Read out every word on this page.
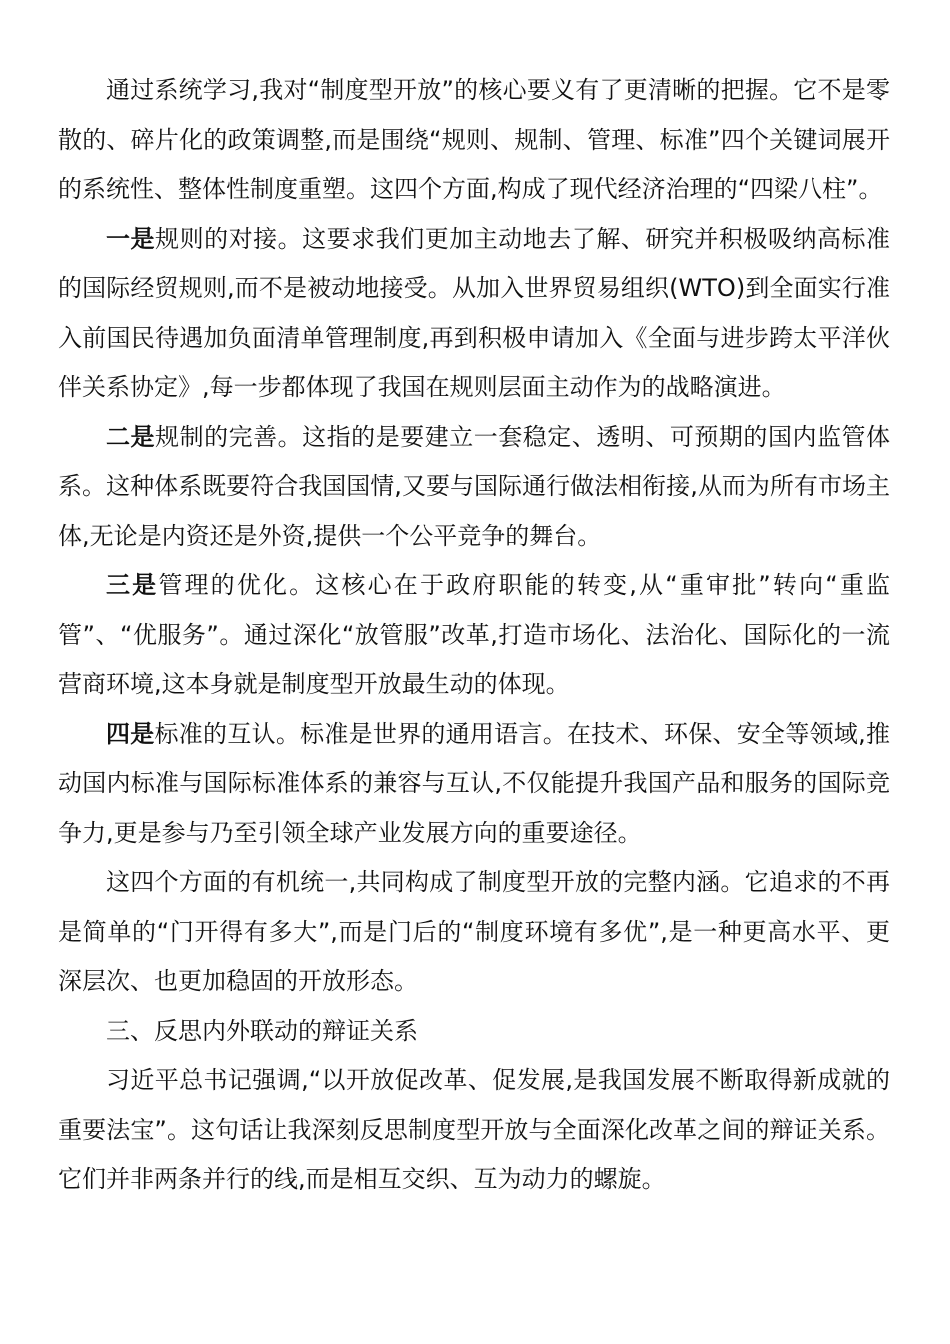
通过系统学习,我对“制度型开放”的核心要义有了更清晰的把握。它不是零散的、碎片化的政策调整,而是围绕“规则、规制、管理、标准”四个关键词展开的系统性、整体性制度重塑。这四个方面,构成了现代经济治理的“四梁八柱”。

一是规则的对接。这要求我们更加主动地去了解、研究并积极吸纳高标准的国际经贸规则,而不是被动地接受。从加入世界贸易组织(WTO)到全面实行准入前国民待遇加负面清单管理制度,再到积极申请加入《全面与进步跨太平洋伙伴关系协定》,每一步都体现了我国在规则层面主动作为的战略演进。

二是规制的完善。这指的是要建立一套稳定、透明、可预期的国内监管体系。这种体系既要符合我国国情,又要与国际通行做法相衔接,从而为所有市场主体,无论是内资还是外资,提供一个公平竞争的舞台。

三是管理的优化。这核心在于政府职能的转变,从“重审批”转向“重监管”、“优服务”。通过深化“放管服”改革,打造市场化、法治化、国际化的一流营商环境,这本身就是制度型开放最生动的体现。

四是标准的互认。标准是世界的通用语言。在技术、环保、安全等领域,推动国内标准与国际标准体系的兼容与互认,不仅能提升我国产品和服务的国际竞争力,更是参与乃至引领全球产业发展方向的重要途径。

这四个方面的有机统一,共同构成了制度型开放的完整内涵。它追求的不再是简单的“门开得有多大”,而是门后的“制度环境有多优”,是一种更高水平、更深层次、也更加稳固的开放形态。

三、反思内外联动的辩证关系

习近平总书记强调,“以开放促改革、促发展,是我国发展不断取得新成就的重要法宝”。这句话让我深刻反思制度型开放与全面深化改革之间的辩证关系。它们并非两条并行的线,而是相互交织、互为动力的螺旋。
